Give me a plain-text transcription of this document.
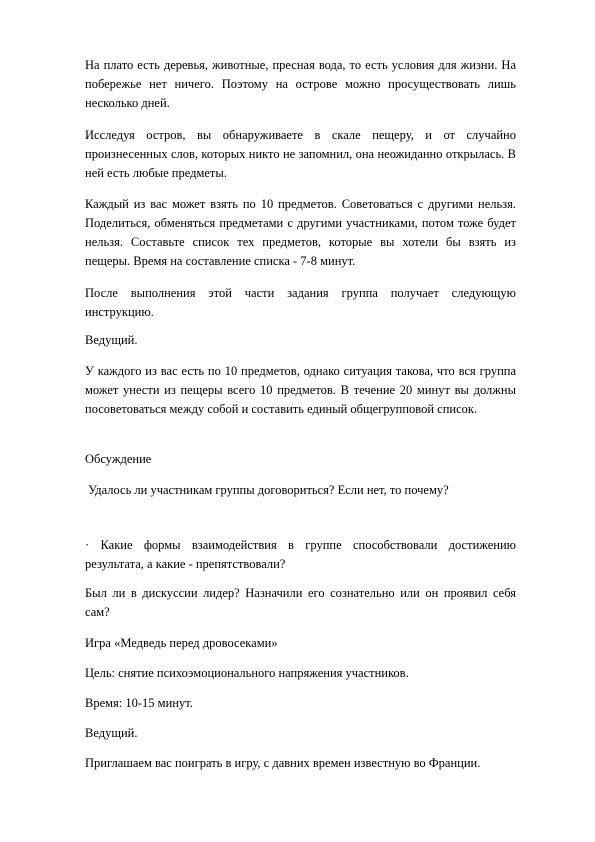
На плато есть деревья, животные, пресная вода, то есть условия для жизни. На побережье нет ничего. Поэтому на острове можно просуществовать лишь несколько дней.

Исследуя остров, вы обнаруживаете в скале пещеру, и от случайно произнесенных слов, которых никто не запомнил, она неожиданно открылась. В ней есть любые предметы.

Каждый из вас может взять по 10 предметов. Советоваться с другими нельзя. Поделиться, обменяться предметами с другими участниками, потом тоже будет нельзя. Составьте список тех предметов, которые вы хотели бы взять из пещеры. Время на составление списка - 7-8 минут.

После выполнения этой части задания группа получает следующую инструкцию.

Ведущий.

У каждого из вас есть по 10 предметов, однако ситуация такова, что вся группа может унести из пещеры всего 10 предметов. В течение 20 минут вы должны посоветоваться между собой и составить единый общегрупповой список.

Обсуждение

Удалось ли участникам группы договориться? Если нет, то почему?

· Какие формы взаимодействия в группе способствовали достижению результата, а какие - препятствовали?

Был ли в дискуссии лидер? Назначили его сознательно или он проявил себя сам?

Игра «Медведь перед дровосеками»

Цель: снятие психоэмоционального напряжения участников.

Время: 10-15 минут.

Ведущий.

Приглашаем вас поиграть в игру, с давних времен известную во Франции.
